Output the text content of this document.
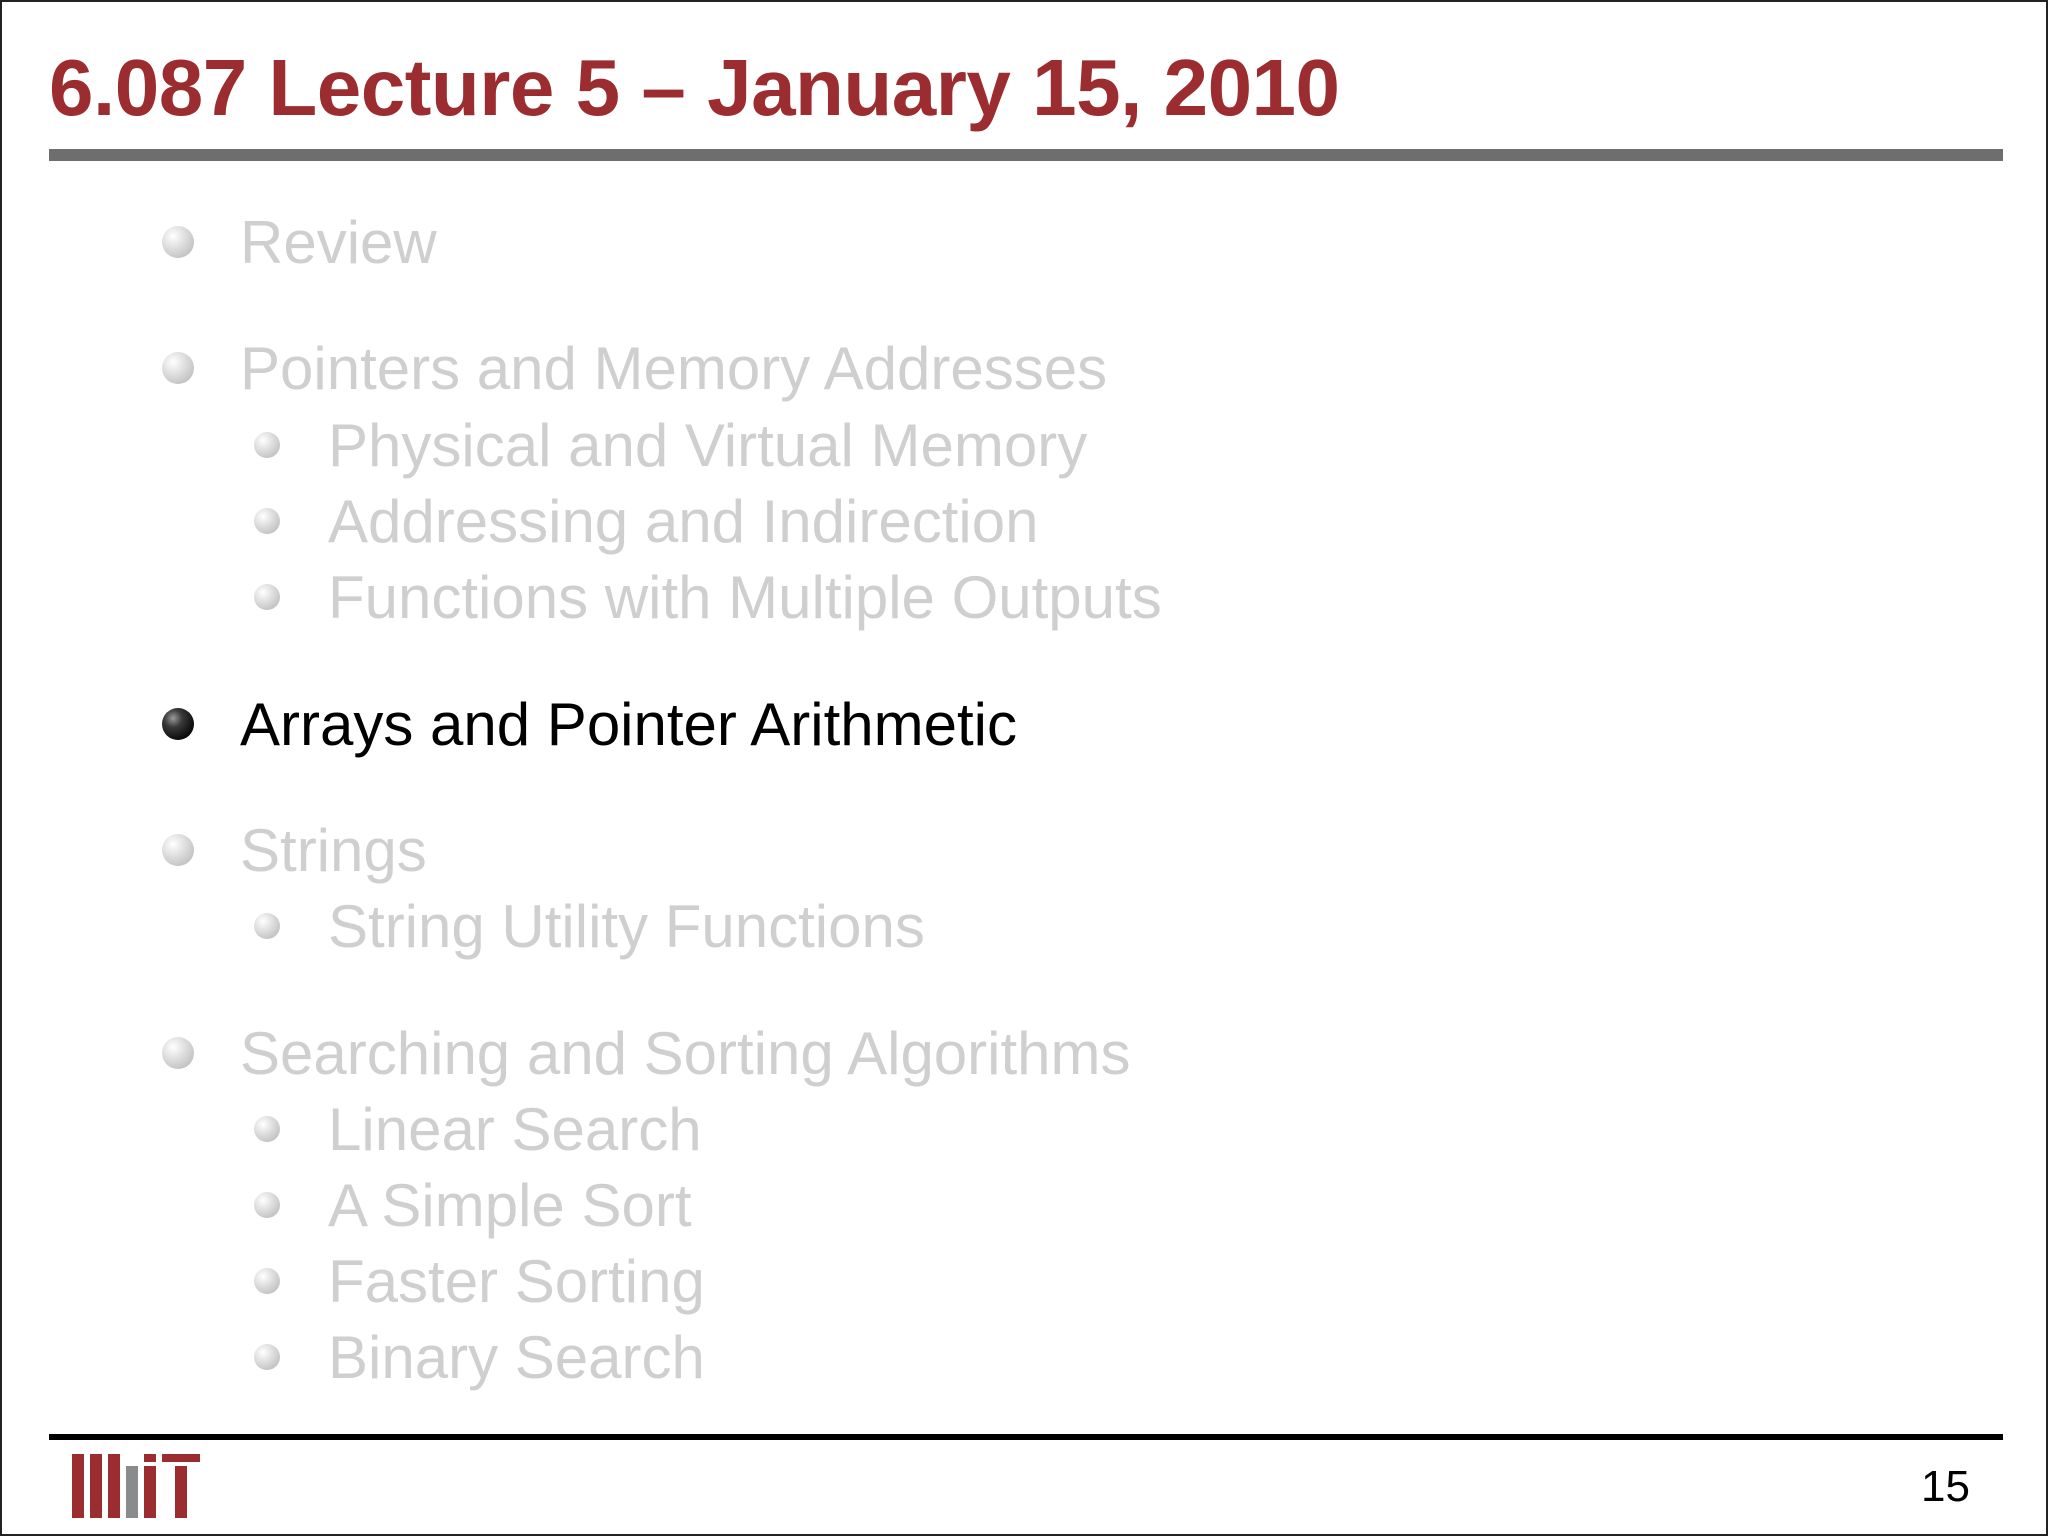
6.087 Lecture 5 – January 15, 2010
Review
Pointers and Memory Addresses
Physical and Virtual Memory
Addressing and Indirection
Functions with Multiple Outputs
Arrays and Pointer Arithmetic
Strings
String Utility Functions
Searching and Sorting Algorithms
Linear Search
A Simple Sort
Faster Sorting
Binary Search
15
